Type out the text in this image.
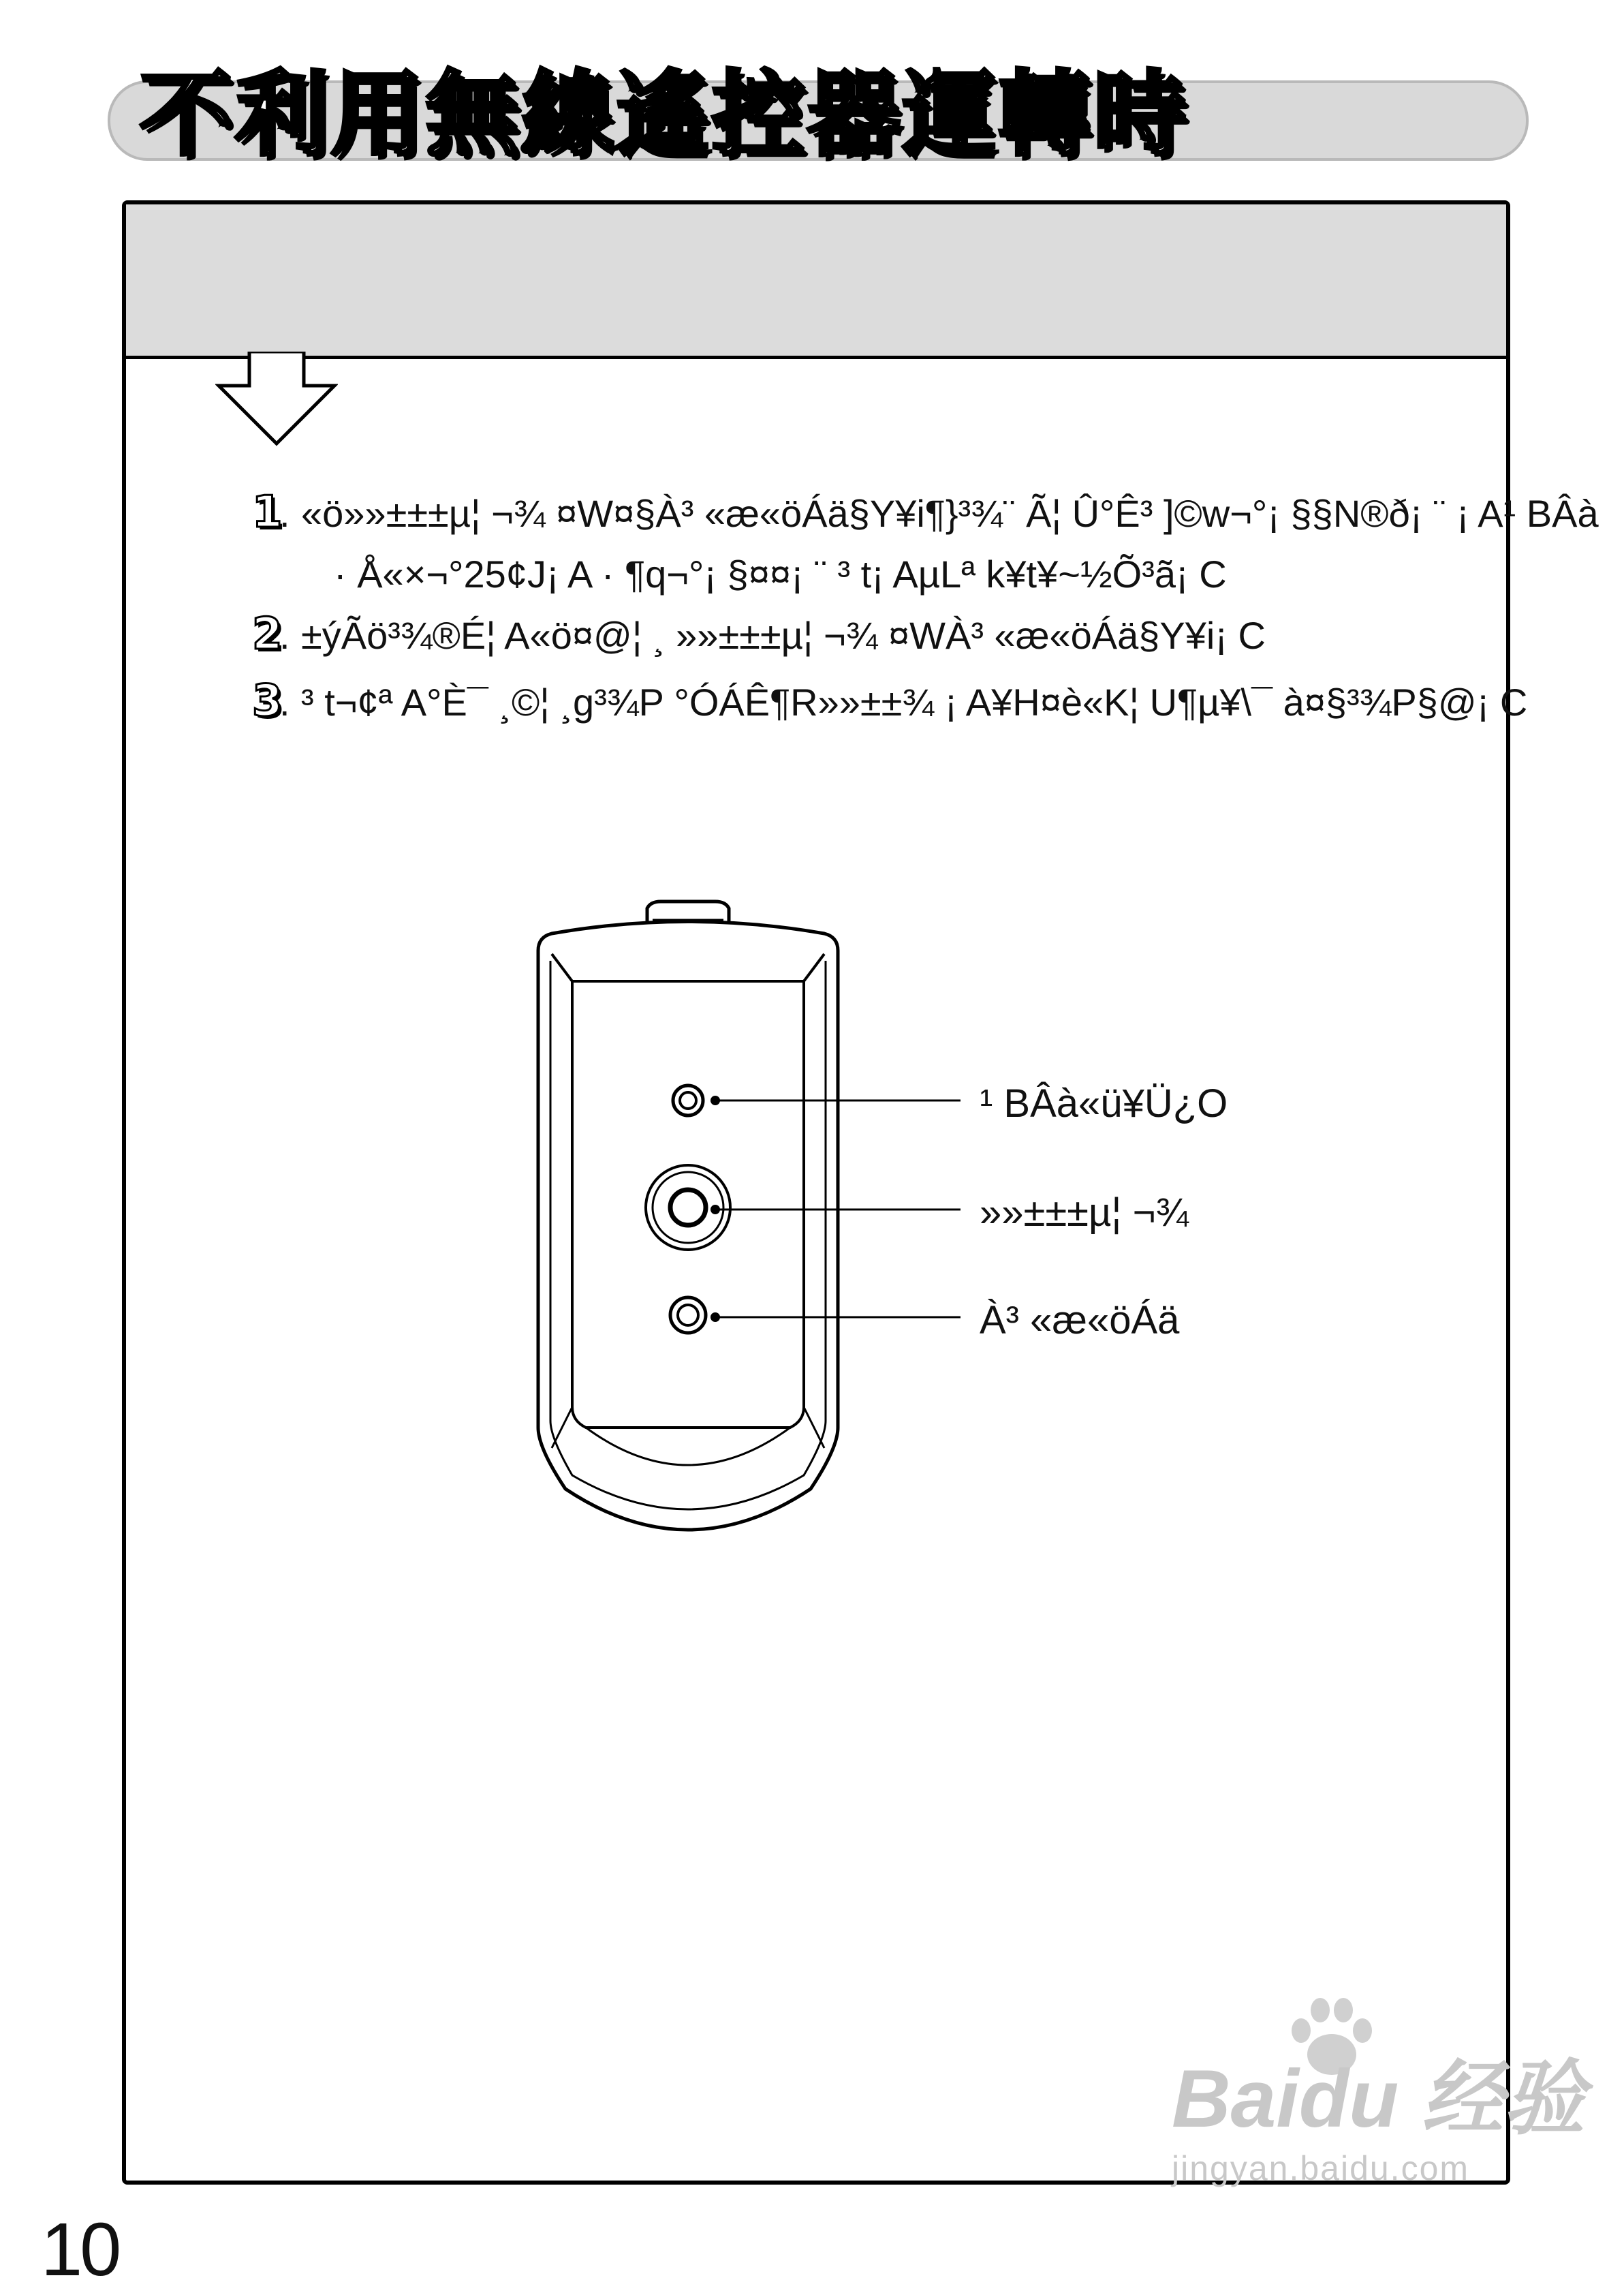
不利用無線遙控器運轉時
1
. «ö»»±±±µ¦ ¬¾ ¤W¤§À³ «æ«öÁä§Y¥i¶}³¾¨ Ã¦ Û°Ê³ ]©w¬°¡ §§N®ð¡ ¨ ¡ A¹ BÂà
· Å«×¬°25¢J¡ A · ¶q¬°¡ §¤¤¡ ¨ ³ t¡ AµLª k¥t¥~½Õ³ã¡ C
2
. ±ýÃö³¾®É¦ A«ö¤@¦ ¸ »»±±±µ¦ ¬¾ ¤WÀ³ «æ«öÁä§Y¥i¡ C
3
. ³ t¬¢ª A°È¯ ¸©¦ ¸g³¾P °ÓÁÊ¶R»»±±¾ ¡ A¥H¤è«K¦ U¶µ¥\¯ à¤§³¾P§@¡ C
¹ BÂà«ü¥Ü¿O
»»±±±µ¦ ¬¾
À³ «æ«öÁä
10
Baidu 经验
jingyan.baidu.com
